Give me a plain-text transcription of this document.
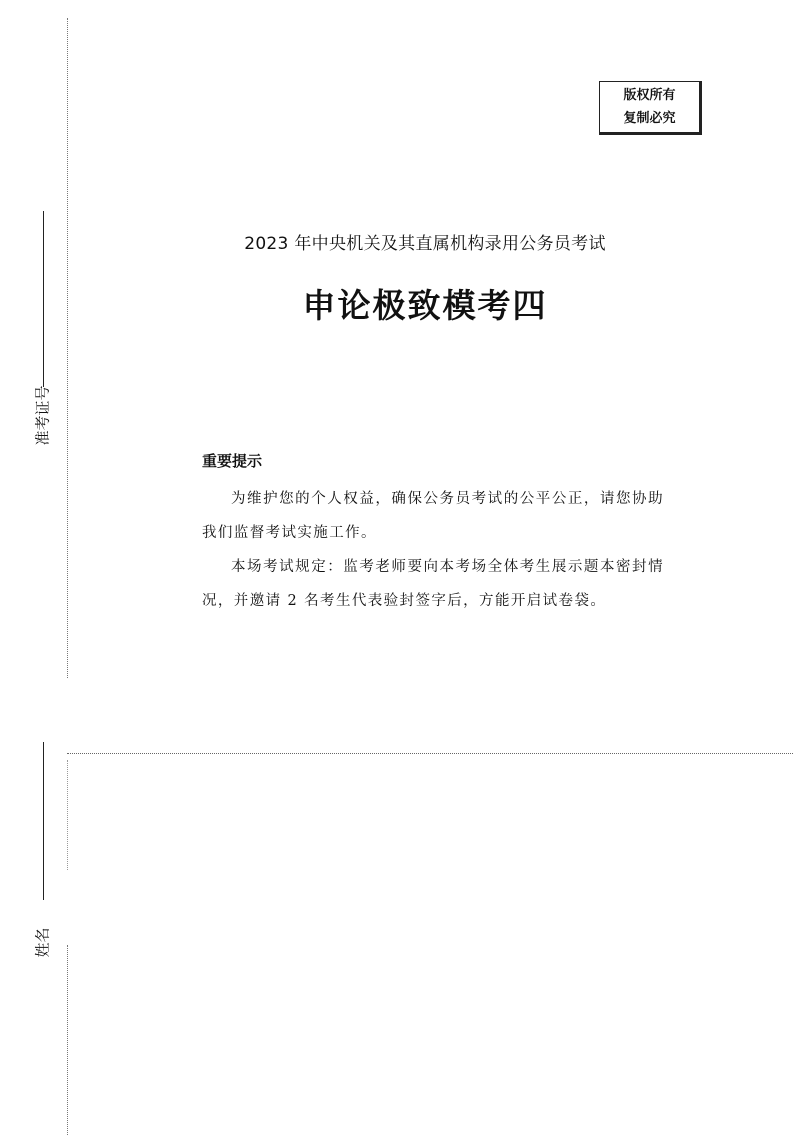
准考证号
姓名
版权所有
复制必究
2023 年中央机关及其直属机构录用公务员考试
申论极致模考四
重要提示

为维护您的个人权益，确保公务员考试的公平公正，请您协助我们监督考试实施工作。

本场考试规定：监考老师要向本考场全体考生展示题本密封情况，并邀请 2 名考生代表验封签字后，方能开启试卷袋。
